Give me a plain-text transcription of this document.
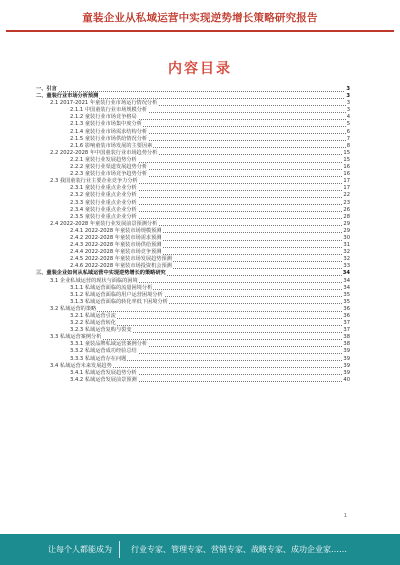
童装企业从私域运营中实现逆势增长策略研究报告
内容目录
一、引言	3
二、童装行业市场分析预测	3
2.1 2017-2021 年童装行业市场运行情况分析	3
2.1.1 中国童装行业市场规模分析	3
2.1.2 童装行业市场竞争格局	4
2.1.3 童装行业市场集中度分析	5
2.1.4 童装行业市场需求结构分析	6
2.1.5 童装行业市场供给情况分析	7
2.1.6 影响童装市场发展的主要因素	8
2.2 2022-2028 年中国童装行业市场趋势分析	15
2.2.1 童装行业发展趋势分析	15
2.2.2 童装行业渠道发展趋势分析	16
2.2.3 童装行业市场竞争趋势分析	16
2.3 我国童装行业主要企业竞争力分析	17
2.3.1 童装行业重点企业分析	17
2.3.2 童装行业重点企业分析	22
2.3.3 童装行业重点企业分析	23
2.3.4 童装行业重点企业分析	26
2.3.5 童装行业重点企业分析	28
2.4 2022-2028 年童装行业发展前景预测分析	29
2.4.1 2022-2028 年童装市场规模预测	29
2.4.2 2022-2028 年童装市场需求预测	30
2.4.3 2022-2028 年童装市场供给预测	31
2.4.4 2022-2028 年童装市场竞争预测	32
2.4.5 2022-2028 年童装市场发展趋势预测	32
2.4.6 2022-2028 年童装市场投资机会预测	33
三、童装企业如何从私域运营中实现逆势增长的策略研究	34
3.1 企业私域运营的现状与面临的困境	34
3.1.1 私域运营面临的流量困境分析	34
3.1.2 私域运营面临的用户运营困境分析	35
3.1.3 私域运营面临的转化率低下困境分析	35
3.2 私域运营的策略	36
3.2.1 私域运营引流	36
3.2.2 私域运营转化	37
3.2.3 私域运营复购与裂变	37
3.3 私域运营案例分析	38
3.3.1 童装品牌私域运营案例分析	38
3.3.2 私域运营成功经验总结	39
3.3.3 私域运营存在问题	39
3.4 私域运营未来发展趋势	39
3.4.1 私域运营发展趋势分析	39
3.4.2 私域运营发展前景预测	40
1
让每个人都能成为 行业专家、管理专家、营销专家、战略专家、成功企业家……
